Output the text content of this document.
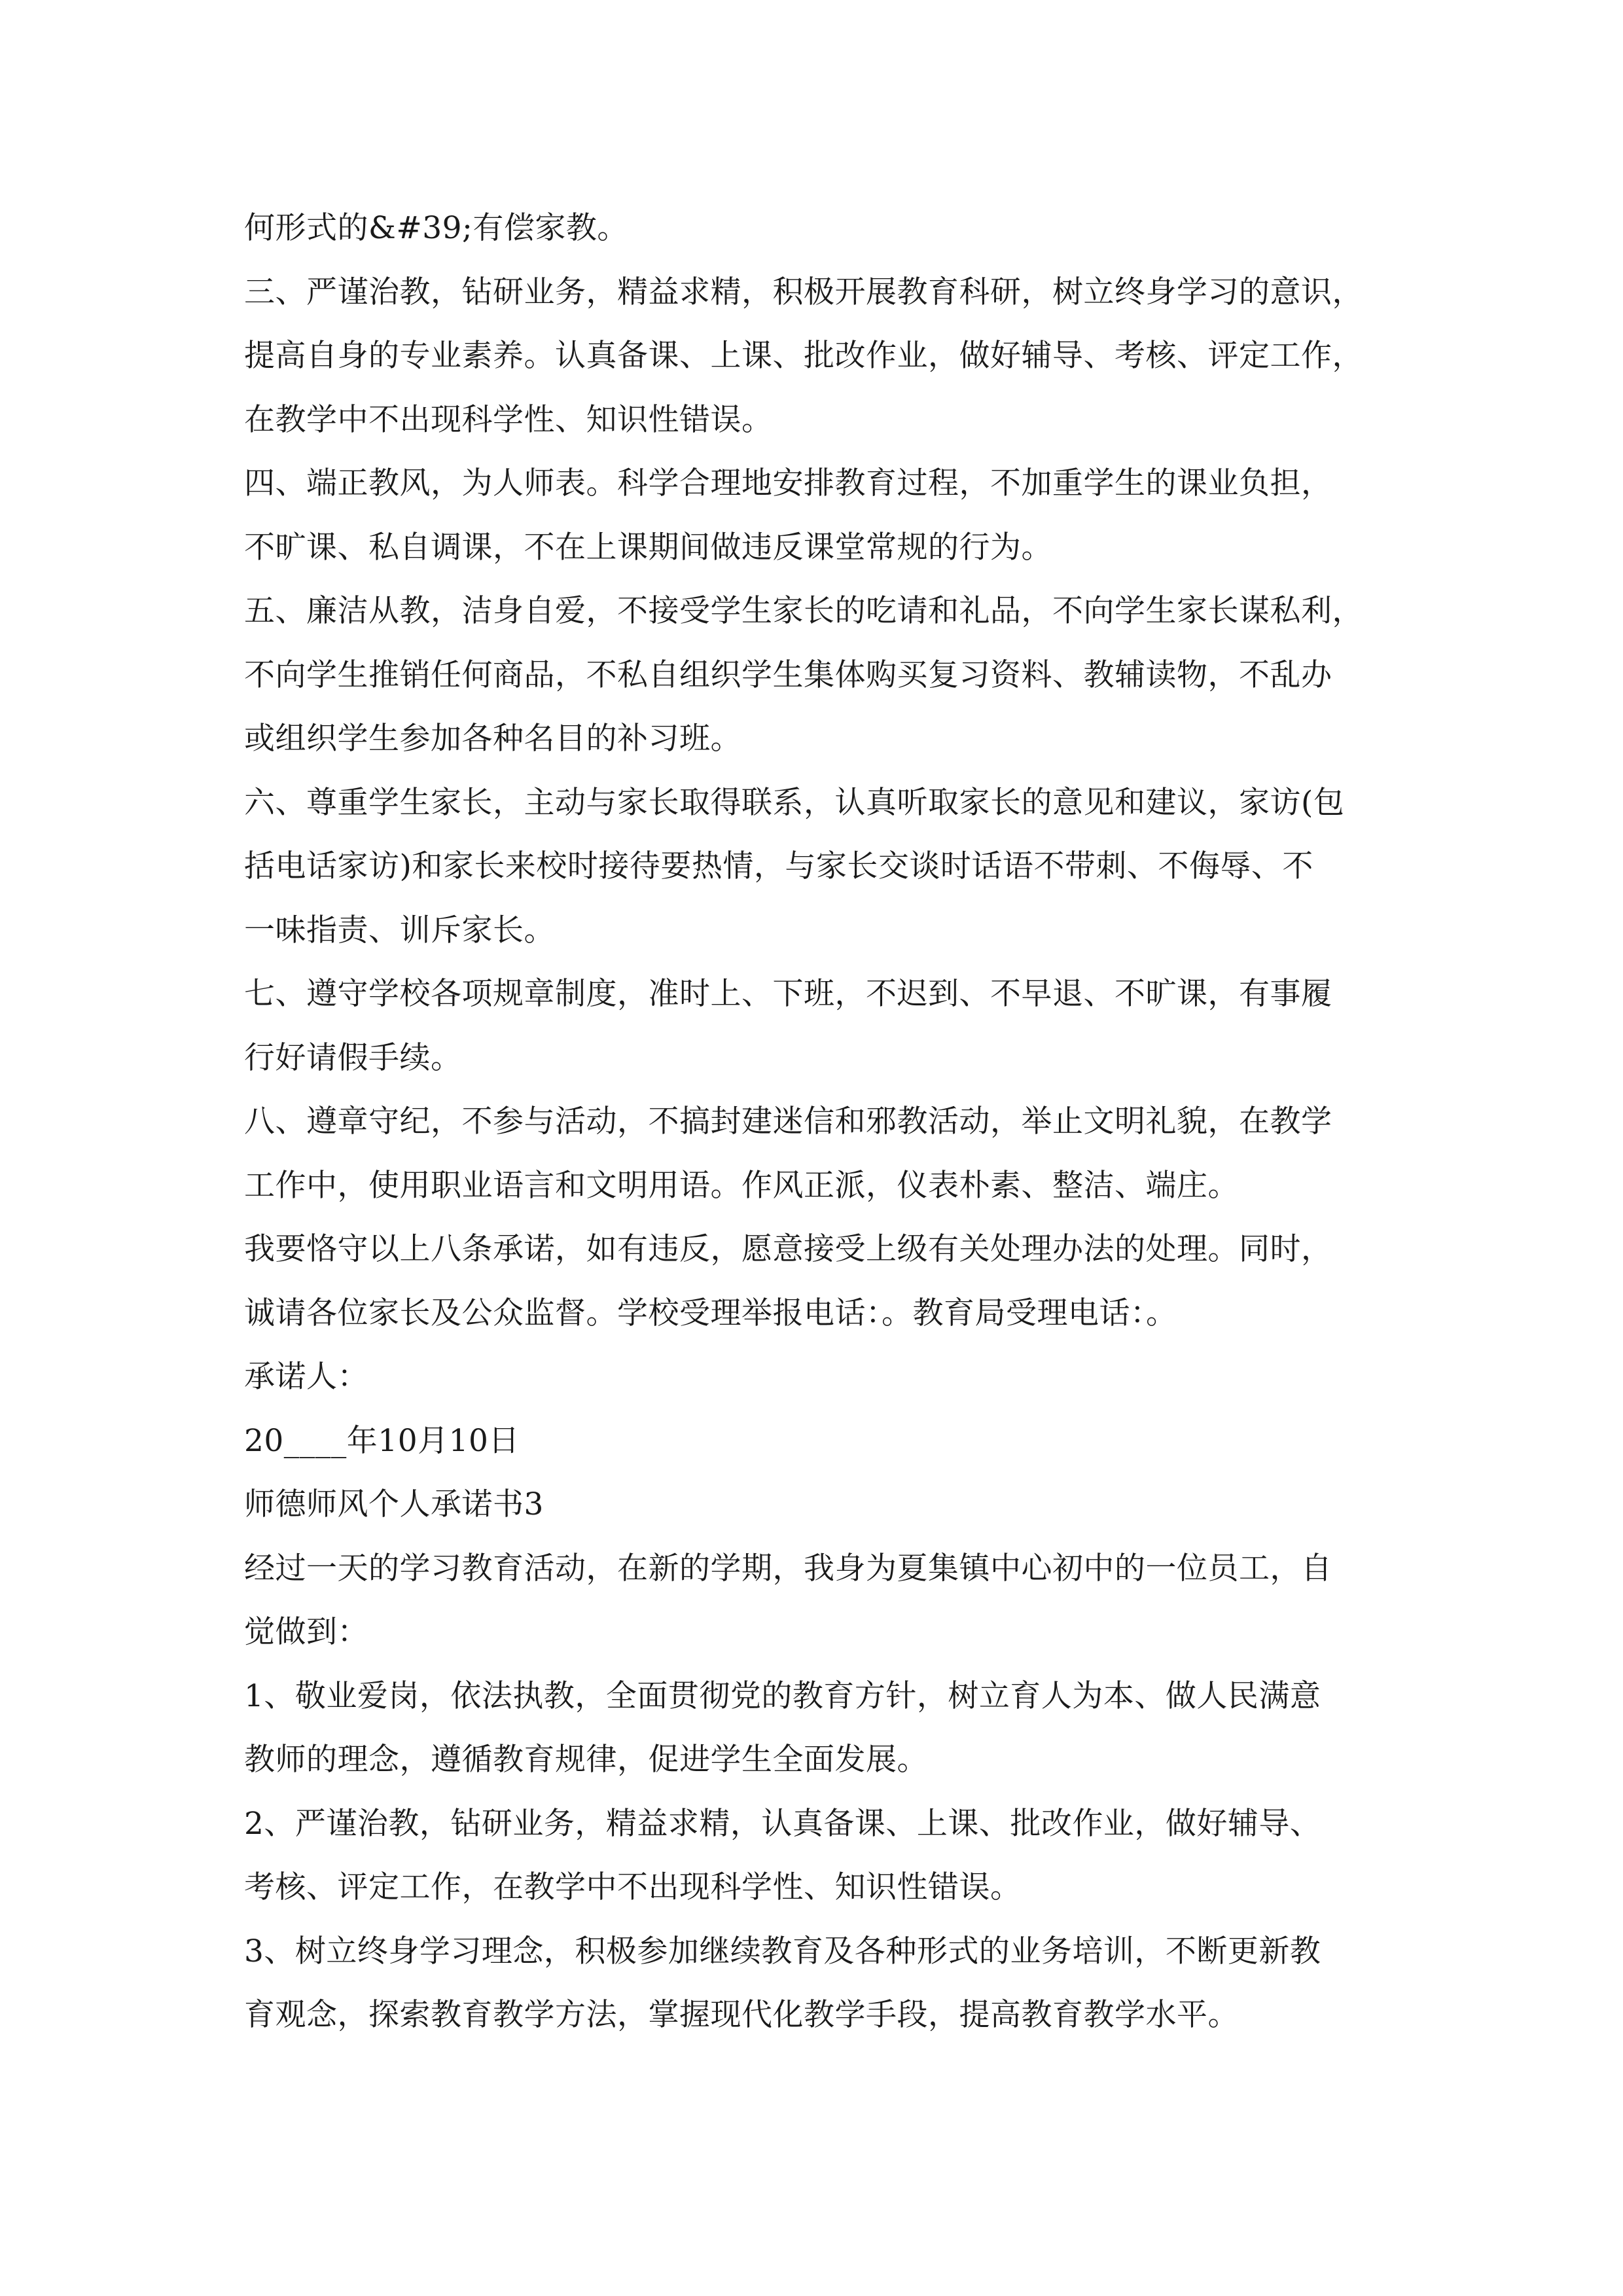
何形式的&#39;有偿家教。
三、严谨治教，钻研业务，精益求精，积极开展教育科研，树立终身学习的意识，
提高自身的专业素养。认真备课、上课、批改作业，做好辅导、考核、评定工作，
在教学中不出现科学性、知识性错误。
四、端正教风，为人师表。科学合理地安排教育过程，不加重学生的课业负担，
不旷课、私自调课，不在上课期间做违反课堂常规的行为。
五、廉洁从教，洁身自爱，不接受学生家长的吃请和礼品，不向学生家长谋私利，
不向学生推销任何商品，不私自组织学生集体购买复习资料、教辅读物，不乱办
或组织学生参加各种名目的补习班。
六、尊重学生家长，主动与家长取得联系，认真听取家长的意见和建议，家访(包
括电话家访)和家长来校时接待要热情，与家长交谈时话语不带刺、不侮辱、不
一味指责、训斥家长。
七、遵守学校各项规章制度，准时上、下班，不迟到、不早退、不旷课，有事履
行好请假手续。
八、遵章守纪，不参与活动，不搞封建迷信和邪教活动，举止文明礼貌，在教学
工作中，使用职业语言和文明用语。作风正派，仪表朴素、整洁、端庄。
我要恪守以上八条承诺，如有违反，愿意接受上级有关处理办法的处理。同时，
诚请各位家长及公众监督。学校受理举报电话：。教育局受理电话：。
承诺人：
20____年10月10日
师德师风个人承诺书3
经过一天的学习教育活动，在新的学期，我身为夏集镇中心初中的一位员工，自
觉做到：
1、敬业爱岗，依法执教，全面贯彻党的教育方针，树立育人为本、做人民满意
教师的理念，遵循教育规律，促进学生全面发展。
2、严谨治教，钻研业务，精益求精，认真备课、上课、批改作业，做好辅导、
考核、评定工作，在教学中不出现科学性、知识性错误。
3、树立终身学习理念，积极参加继续教育及各种形式的业务培训，不断更新教
育观念，探索教育教学方法，掌握现代化教学手段，提高教育教学水平。
